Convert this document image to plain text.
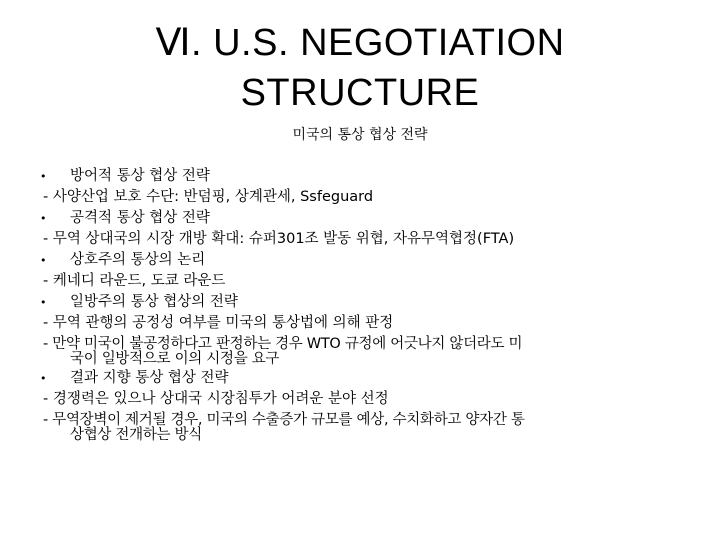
Ⅵ. U.S. NEGOTIATION
STRUCTURE
미국의 통상 협상 전략
• 방어적 통상 협상 전략
- 사양산업 보호 수단: 반덤핑, 상계관세, Ssfeguard
• 공격적 통상 협상 전략
- 무역 상대국의 시장 개방 확대: 슈퍼301조 발동 위협, 자유무역협정(FTA)
• 상호주의 통상의 논리
- 케네디 라운드, 도쿄 라운드
• 일방주의 통상 협상의 전략
- 무역 관행의 공정성 여부를 미국의 통상법에 의해 판정
- 만약 미국이 불공정하다고 판정하는 경우 WTO 규정에 어긋나지 않더라도 미
국이 일방적으로 이의 시정을 요구
• 결과 지향 통상 협상 전략
- 경쟁력은 있으나 상대국 시장침투가 어려운 분야 선정
- 무역장벽이 제거될 경우, 미국의 수출증가 규모를 예상, 수치화하고 양자간 통
상협상 전개하는 방식
